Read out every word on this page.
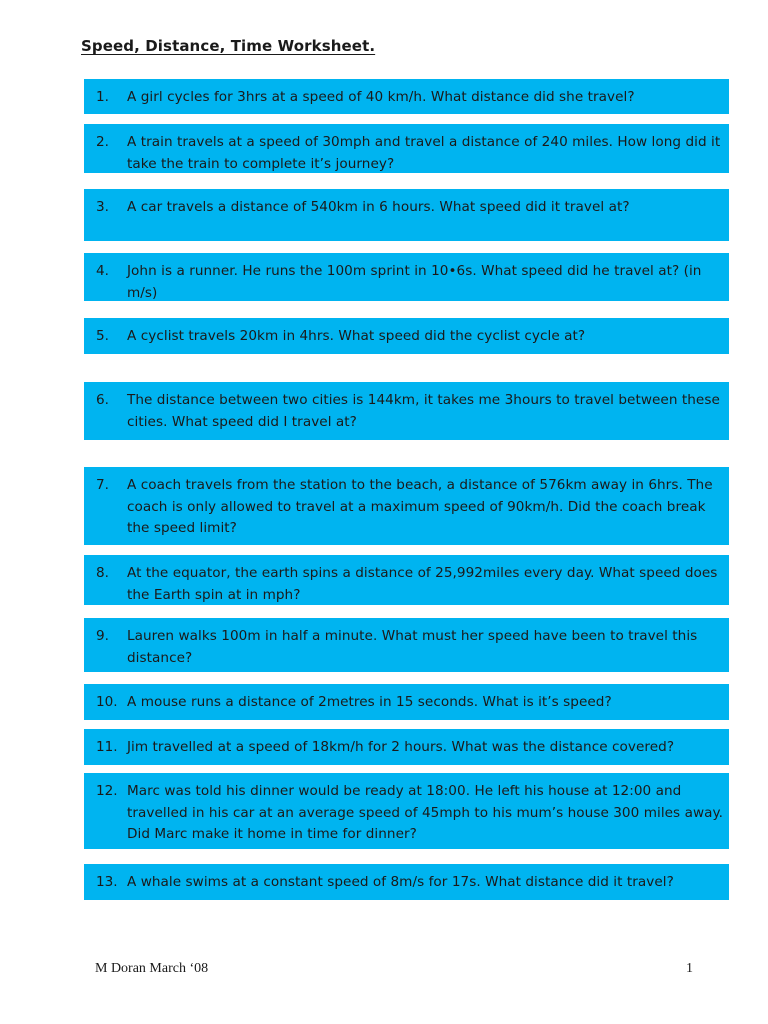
Speed, Distance, Time Worksheet.
1. A girl cycles for 3hrs at a speed of 40 km/h. What distance did she travel?
2. A train travels at a speed of 30mph and travel a distance of 240 miles. How long did it take the train to complete it’s journey?
3. A car travels a distance of 540km in 6 hours. What speed did it travel at?
4. John is a runner. He runs the 100m sprint in 10•6s. What speed did he travel at? (in m/s)
5. A cyclist travels 20km in 4hrs. What speed did the cyclist cycle at?
6. The distance between two cities is 144km, it takes me 3hours to travel between these cities. What speed did I travel at?
7. A coach travels from the station to the beach, a distance of 576km away in 6hrs. The coach is only allowed to travel at a maximum speed of 90km/h. Did the coach break the speed limit?
8. At the equator, the earth spins a distance of 25,992miles every day. What speed does the Earth spin at in mph?
9. Lauren walks 100m in half a minute. What must her speed have been to travel this distance?
10. A mouse runs a distance of 2metres in 15 seconds. What is it’s speed?
11. Jim travelled at a speed of 18km/h for 2 hours. What was the distance covered?
12. Marc was told his dinner would be ready at 18:00. He left his house at 12:00 and travelled in his car at an average speed of 45mph to his mum’s house 300 miles away. Did Marc make it home in time for dinner?
13. A whale swims at a constant speed of 8m/s for 17s. What distance did it travel?
M Doran March ‘08	1
